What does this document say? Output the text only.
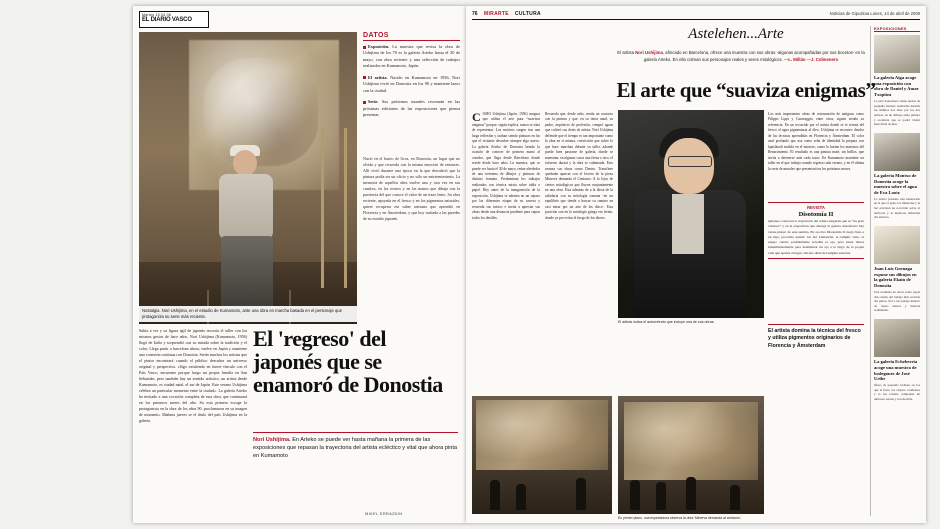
Martes 15.04.08
EL DIARIO VASCO
Nostalgia. Nori Ushijima, en el estudio de Kumamoto, ante una obra en marcha basada en el personaje que protagoniza su serie más reciente.
DATOS
Exposición. La muestra que revisa la obra de Ushijima de los 70 es la galería Arteko hasta el 30 de mayo, con obra reciente y una selección de trabajos realizados en Kumamoto, Japón.
El artista. Nacido en Kumamoto en 1956, Nori Ushijima vivió en Donostia en los 90 y mantiene lazos con la ciudad.
Serie. Sus próximos murales recrearán en las próximas ediciones de las exposiciones que piensa presentar.
Nació en el barrio de Gros, en Donostia, un lugar que no olvida y que recuerda con la misma emoción de entonces. Allí vivió durante una época en la que descubrió que la pintura podía ser un oficio y no sólo un entretenimiento. La memoria de aquellos años vuelve una y otra vez en sus cuadros, en los rostros y en las manos que dibuja con la paciencia del que conoce el valor de un trazo lento. Su obra reciente, apoyada en el fresco y en los pigmentos naturales, quiere recuperar ese saber artesano que aprendió en Florencia y en Ámsterdam, y que hoy traslada a las paredes de su estudio japonés.
Subía a ver y su figura ágil de japonés recorría el taller con los mismos gestos de hace años. Nori Ushijima (Kumamoto, 1956) llegó de Italia y sorprendió con su mirada sobre la tradición y el color. Llega partir a barcelona ahora, vuelve en Japón y mantiene una conexión continua con Donostia. Serán muchos los artistas que el pintor encontrará cuando el público descubra un universo original y perspectiva. «Sigo existiendo en fuerte vínculo con el País Vasco, encuentro porque luego mi propia familia en San Sebastián, pero también hay un sentido artístico, un artista desde Kumamoto, es ciudad natal, el sur de Japón. Este verano Ushijima celebra un particular momento entre la ciudad». La galería Arteko ha invitado a una vocación completa de esta obra, que continuará en los primeros meses del año. Su esta primera escoge la protagonista en la obra de los años 90, proclamaron en su imagen de momento. Mañana jueves se el título del país Ushijima en la galería.
El 'regreso' del japonés que se enamoró de Donostia
Nori Ushijima. En Arteko se puede ver hasta mañana la primera de las exposiciones que repasan la trayectoria del artista ecléctico y vital que ahora pinta en Kumamoto
MIKEL ERRAZKIN
76 MIRARTE CULTURA	Noticias de Gipuzkoa Lunes, 14 de abril de 2008
Astelehen...Arte
El artista Nori Ushijima, afincado en Barcelona, ofrece una muestra con sus obras -algunas acompañadas por sus bocetos- en la galería Arteko. En ella colman sus personajes reales y seres mitológicos. —L. Millán —J. Colmenero
El arte que “suaviza enigmas”
COMO Ushijima (Japón, 1956) asegura que utiliza el arte para “suavizar enigmas” porque, según explica, nunca se trata de representar. Los motivos surgen tras una larga reflexión y acaban siendo pinturas en las que el visitante descubre siempre algo nuevo. La galería Arteko de Donostia brinda la ocasión de conocer de primera mano al creador, que llega desde Barcelona donde reside desde hace años. La muestra, que se puede ver hasta el 30 de mayo, reúne alrededor de una treintena de dibujos y pinturas de distinto formato. Predominan los trabajos realizados con técnica mixta sobre tabla o papel. Hoy antes de la inauguración de la exposición, Ushijima se adentra en un repaso por las diferentes etapas de su carrera y recuerda sus inicios e invita a apreciar sus obras desde una distancia prudente para captar todos los detalles.
Recuerda que, desde niño, sentía un contacto con la pintura y que, en su tierra natal, su padre, arquitecto de profesión, compró aguas que cultivó sus dotes de artista. Nori Ushijima defiende que el tiempo es tan importante como la obra en sí misma, convicción que sobre lo que hace marchan delante su taller, adonde puede bien pasearse de galería, donde se muestran; en algunas casos una fiesta o otro, el esfuerzo durará y la obra se culminada. Esto avanza sus obras como Dentro. Transfiere quedarán aparcar con el boceto de la pieza Minerva demanda el Centauro. A lo lejos de ciertos mitológicos que fluyen conjuntamente en una obra. Esta admiras de a la diosa de la sabiduría con su mitología romana -en un equilibrio que tiende a buscar su camino en casi mirar por un arte de los disco-. Esta posición son en la mitología griega era frente, donde ya por evitar el fuego de los dioses.
Los más importantes obras de restauración de antiguos como Filippo Lippi y Caravaggio, entre otros, siguen siendo su referencia. En un recorrido por el artista donde se te retrata del fresco al agua pigmentaria al óleo, Ushijima se reconoce deudor de las técnicas aprendidas en Florencia y Ámsterdam. El color azul profundo que usa como seña de identidad la prepara con lapislázuli molido en el mortero, como lo harían los maestros del Renacimiento. El resultado es una pintura mate, sin brillos, que invita a detenerse ante cada trazo. En Kumamoto mantiene un taller en el que trabaja cuando regresa cada verano, y en él ultima la serie de murales que presentará en los próximos meses.
El artista indica el autorretrato que incluye una de sus obras.
REVISTA
Disotomía II
Quienes conozcan la trayectoria del artista aseguran que es “un gran virtuoso” y en la exposición que alberga la galería donostiarra hay varias pistas: de este sentido. En su obra Disotomía II cuajó fruto a un hijo; procedió quizás: las del Lamanche. A cumplir vista, el espejo cuadro posiblemente acredite el ojo, pero hasta llanos intermitentemente para determinar un ojo a lo largo de la propia vida qué apunta al lugar; ahí uno duda del enigma esencial.
El artista domina la técnica del fresco y utiliza pigmentos originarios de Florencia y Ámsterdam
En primer plano, una espectadora observa la obra 'Minerva demanda al centauro'.
EXPOSICIONES
La galería Aiga acoge una exposición con obra de Daniel y Amar Txopitea
La sala donostiarra reúne piezas de pequeño formato realizadas durante los últimos dos años por los dos artistas, en un diálogo entre pintura y escultura que se podrá visitar hasta final de mes.
La galería Montxo de Donostia acoge la muestra sobre el agua de Eva Lootz
La artista presenta una instalación en la que el agua, los minerales y la luz articulan un recorrido sobre el territorio y la memoria industrial del entorno.
Juan Luis Goenaga expone sus dibujos en la galería Ekain de Donostia
Una treintena de obras sobre papel dan cuenta del trabajo más reciente del pintor, fiel a un paisaje interior de trazos densos y materia acumulada.
La galería Echeberria acoge una muestra de bodegones de José Uribe
Óleos de pequeño formato en los que la fruta, los objetos cotidianos y la luz rasante componen un universo sereno y reconocible.
